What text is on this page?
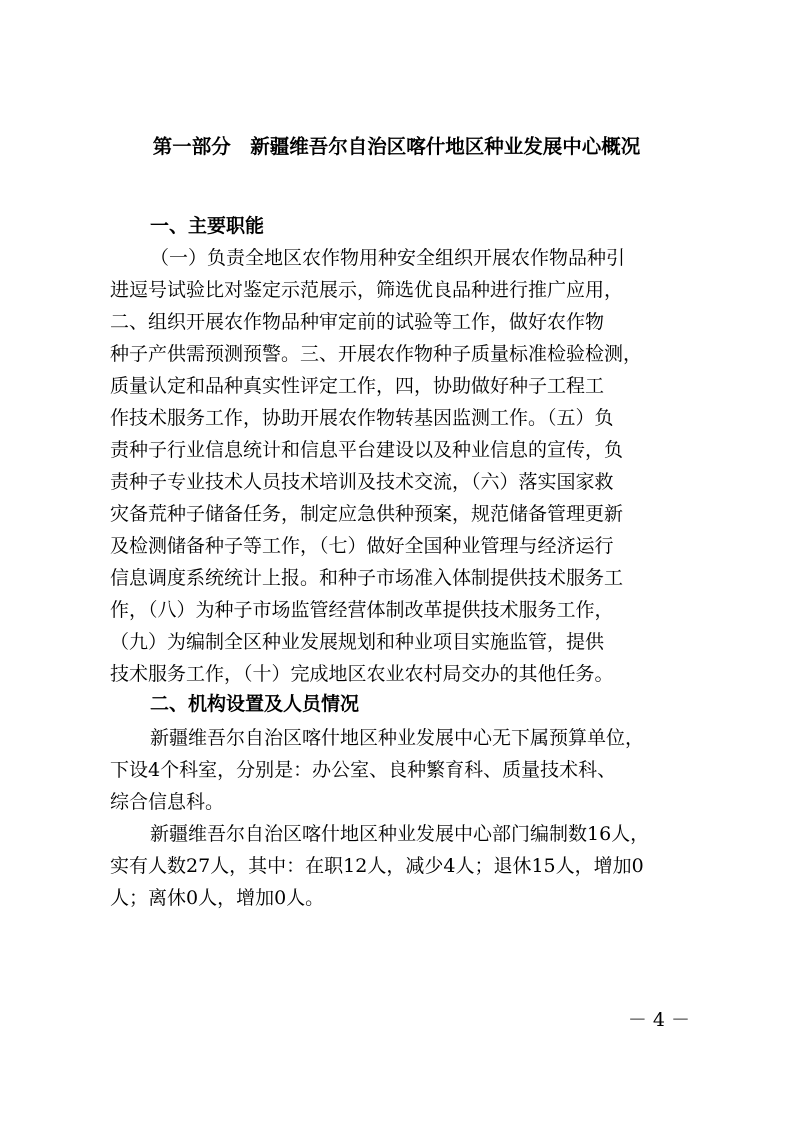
第一部分　新疆维吾尔自治区喀什地区种业发展中心概况
一、主要职能
（一）负责全地区农作物用种安全组织开展农作物品种引
进逗号试验比对鉴定示范展示，筛选优良品种进行推广应用，
二、组织开展农作物品种审定前的试验等工作，做好农作物
种子产供需预测预警。三、开展农作物种子质量标准检验检测，
质量认定和品种真实性评定工作，四，协助做好种子工程工
作技术服务工作，协助开展农作物转基因监测工作。（五）负
责种子行业信息统计和信息平台建设以及种业信息的宣传，负
责种子专业技术人员技术培训及技术交流，（六）落实国家救
灾备荒种子储备任务，制定应急供种预案，规范储备管理更新
及检测储备种子等工作，（七）做好全国种业管理与经济运行
信息调度系统统计上报。和种子市场准入体制提供技术服务工
作，（八）为种子市场监管经营体制改革提供技术服务工作，
（九）为编制全区种业发展规划和种业项目实施监管，提供
技术服务工作，（十）完成地区农业农村局交办的其他任务。
二、机构设置及人员情况
新疆维吾尔自治区喀什地区种业发展中心无下属预算单位，
下设4个科室，分别是：办公室、良种繁育科、质量技术科、
综合信息科。
新疆维吾尔自治区喀什地区种业发展中心部门编制数16人，
实有人数27人，其中：在职12人，减少4人；退休15人，增加0
人；离休0人，增加0人。
－ 4 －
